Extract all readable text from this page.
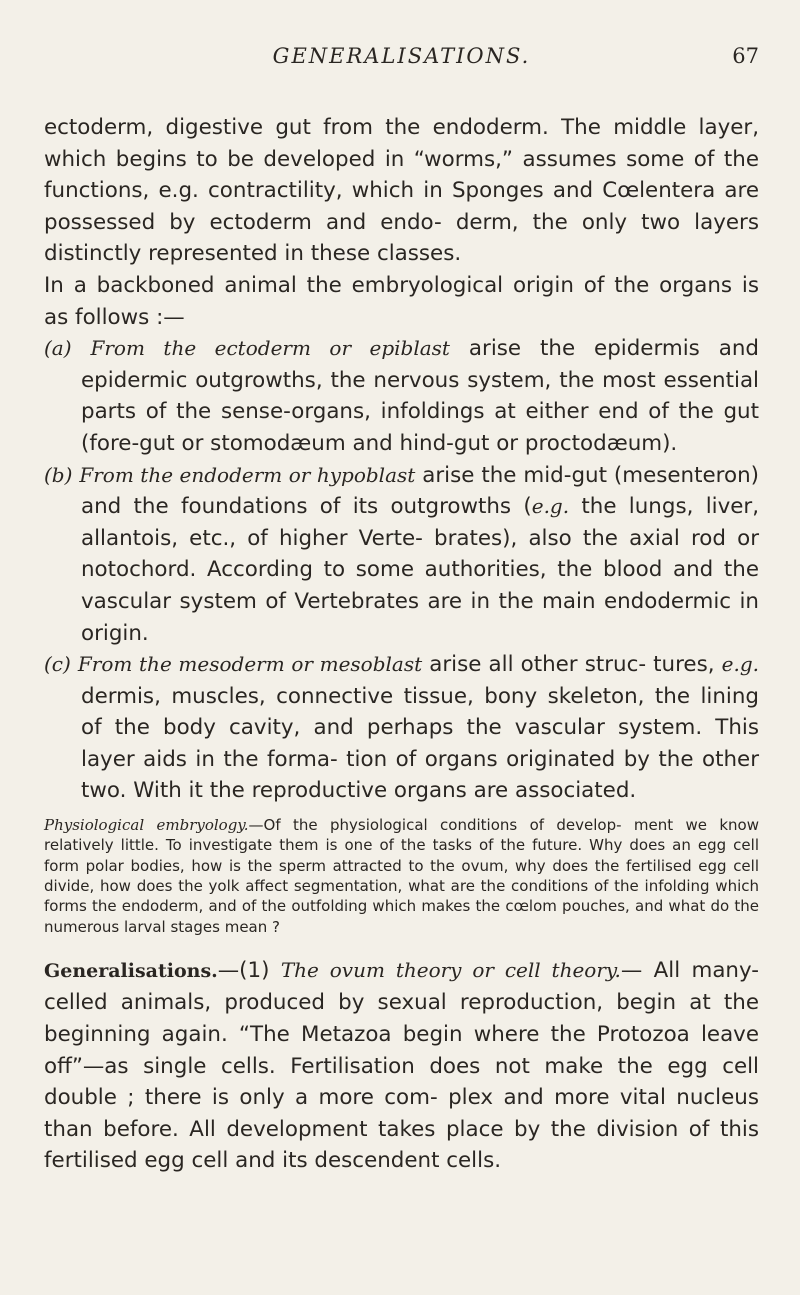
GENERALISATIONS.	67

ectoderm, digestive gut from the endoderm. The middle layer, which begins to be developed in “worms,” assumes some of the functions, e.g. contractility, which in Sponges and Cœlentera are possessed by ectoderm and endo- derm, the only two layers distinctly represented in these classes.

In a backboned animal the embryological origin of the organs is as follows :—

(a) From the ectoderm or epiblast arise the epidermis and epidermic outgrowths, the nervous system, the most essential parts of the sense-organs, infoldings at either end of the gut (fore-gut or stomodæum and hind-gut or proctodæum).

(b) From the endoderm or hypoblast arise the mid-gut (mesenteron) and the foundations of its outgrowths (e.g. the lungs, liver, allantois, etc., of higher Verte- brates), also the axial rod or notochord. According to some authorities, the blood and the vascular system of Vertebrates are in the main endodermic in origin.

(c) From the mesoderm or mesoblast arise all other struc- tures, e.g. dermis, muscles, connective tissue, bony skeleton, the lining of the body cavity, and perhaps the vascular system. This layer aids in the forma- tion of organs originated by the other two. With it the reproductive organs are associated.

Physiological embryology.—Of the physiological conditions of develop- ment we know relatively little. To investigate them is one of the tasks of the future. Why does an egg cell form polar bodies, how is the sperm attracted to the ovum, why does the fertilised egg cell divide, how does the yolk affect segmentation, what are the conditions of the infolding which forms the endoderm, and of the outfolding which makes the cœlom pouches, and what do the numerous larval stages mean ?

Generalisations.—(1) The ovum theory or cell theory.— All many-celled animals, produced by sexual reproduction, begin at the beginning again. “The Metazoa begin where the Protozoa leave off”—as single cells. Fertilisation does not make the egg cell double ; there is only a more com- plex and more vital nucleus than before. All development takes place by the division of this fertilised egg cell and its descendent cells.
